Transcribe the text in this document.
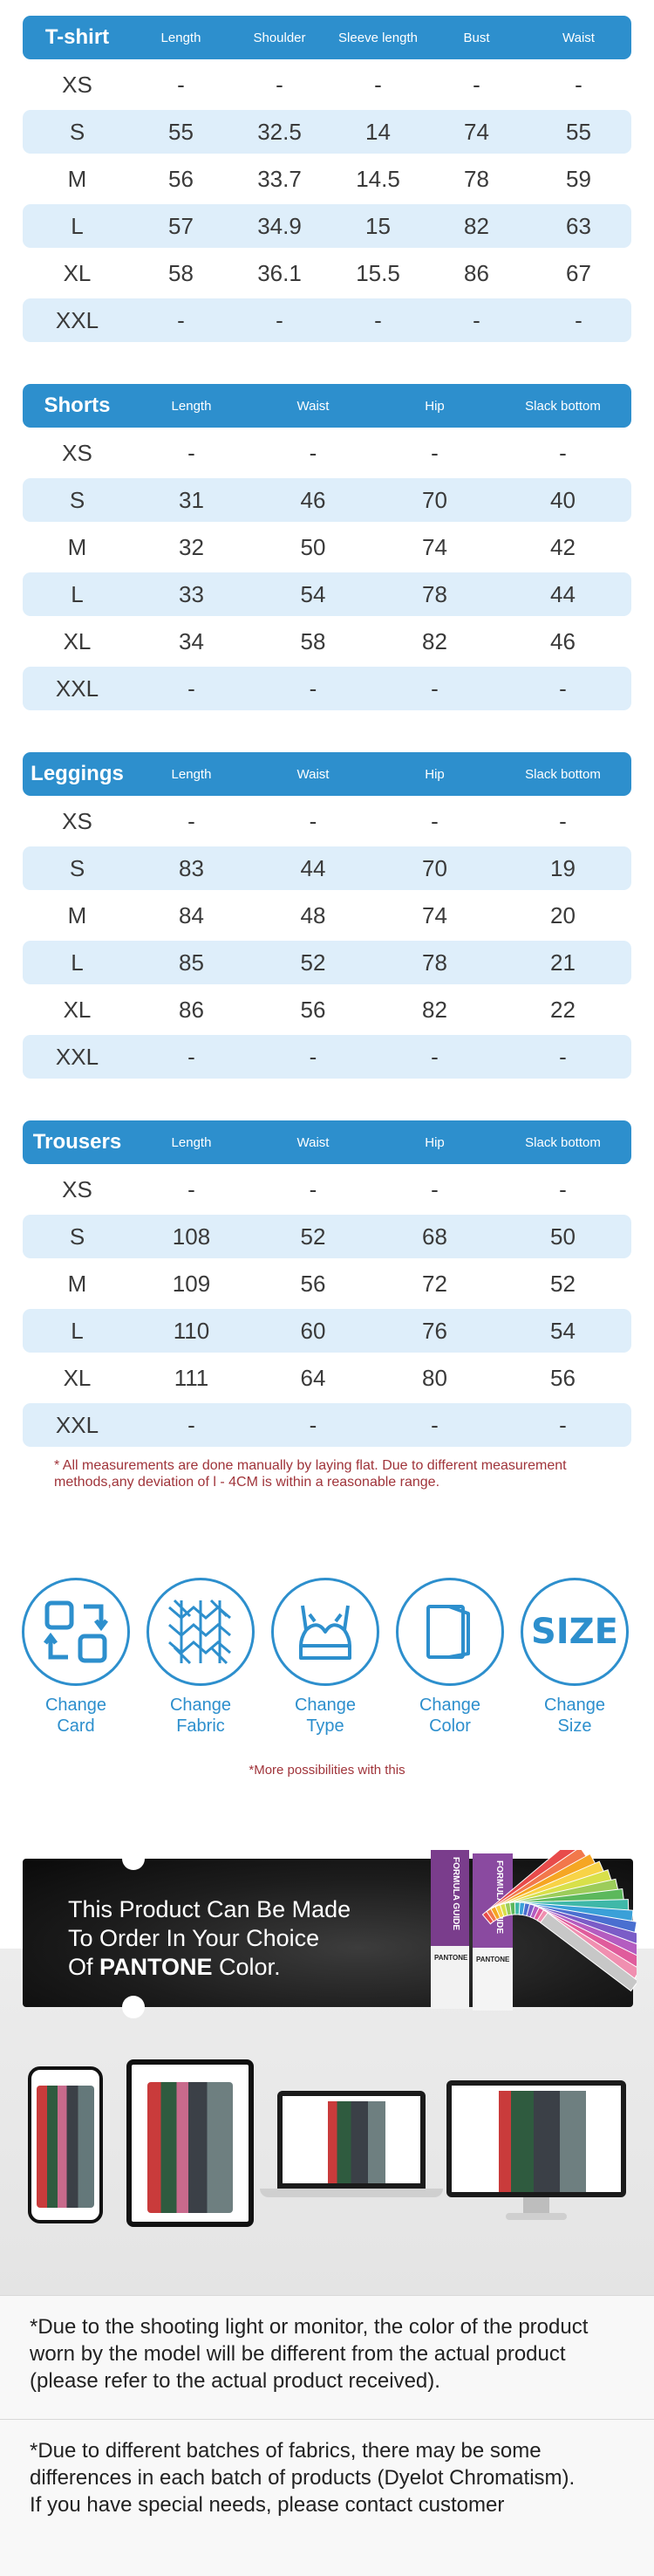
T-shirt	Length	Shoulder	Sleeve length	Bust	Waist
XS	-	-	-	-	-
S	55	32.5	14	74	55
M	56	33.7	14.5	78	59
L	57	34.9	15	82	63
XL	58	36.1	15.5	86	67
XXL	-	-	-	-	-
Shorts	Length	Waist	Hip	Slack bottom
XS	-	-	-	-
S	31	46	70	40
M	32	50	74	42
L	33	54	78	44
XL	34	58	82	46
XXL	-	-	-	-
Leggings	Length	Waist	Hip	Slack bottom
XS	-	-	-	-
S	83	44	70	19
M	84	48	74	20
L	85	52	78	21
XL	86	56	82	22
XXL	-	-	-	-
Trousers	Length	Waist	Hip	Slack bottom
XS	-	-	-	-
S	108	52	68	50
M	109	56	72	52
L	110	60	76	54
XL	111	64	80	56
XXL	-	-	-	-
* All measurements are done manually by laying flat. Due to different measurement methods,any deviation of l - 4CM is within a reasonable range.
Change
Card
Change
Fabric
Change
Type
Change
Color
SIZE
Change
Size
*More possibilities with this
This Product Can Be Made
To Order In Your Choice
Of PANTONE Color.
FORMULA GUIDE
PANTONE
FORMULA GUIDE
PANTONE
*Due to the shooting light or monitor, the color of the product worn by the model will be different from the actual product (please refer to the actual product received).
*Due to different batches of fabrics, there may be some differences in each batch of products (Dyelot Chromatism).
If you have special needs, please contact customer
